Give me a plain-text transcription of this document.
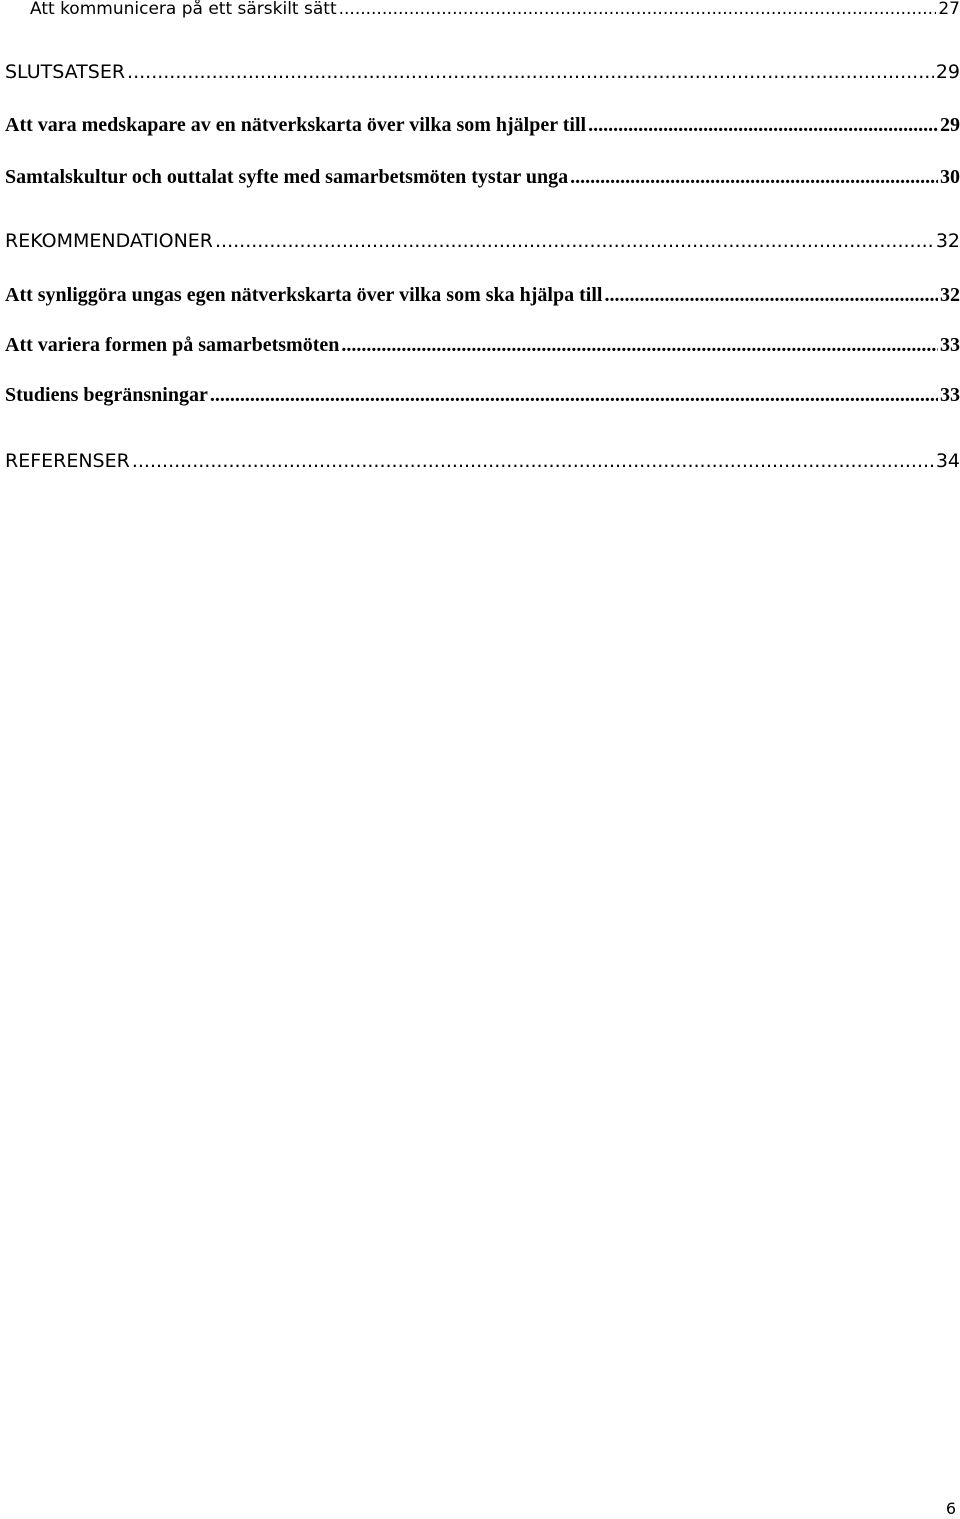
Att kommunicera på ett särskilt sätt .....	27
SLUTSATSER .....	29
Att vara medskapare av en nätverkskarta över vilka som hjälper till .....	29
Samtalskultur och outtalat syfte med samarbetsmöten tystar unga .....	30
REKOMMENDATIONER .....	32
Att synliggöra ungas egen nätverkskarta över vilka som ska hjälpa till .....	32
Att variera formen på samarbetsmöten .....	33
Studiens begränsningar .....	33
REFERENSER .....	34
6
